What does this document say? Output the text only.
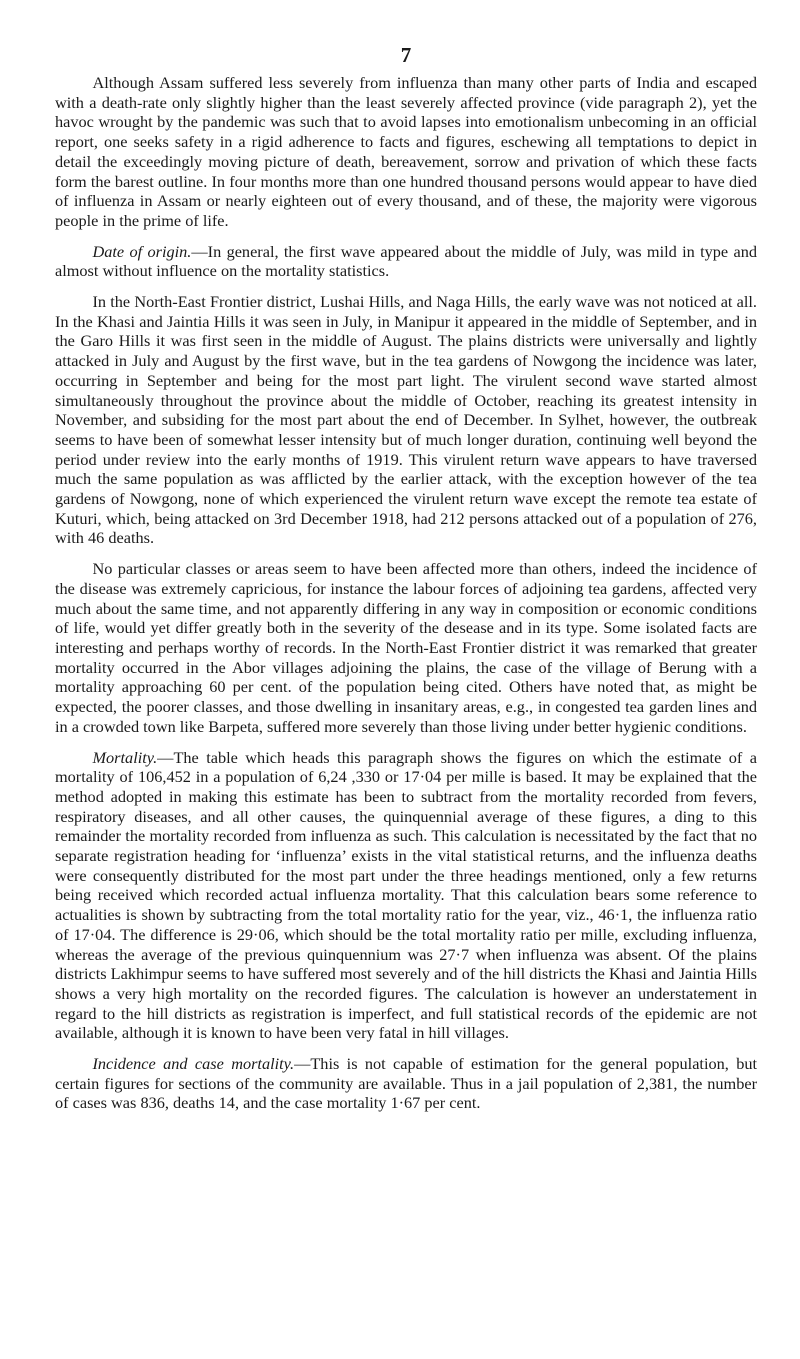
7

Although Assam suffered less severely from influenza than many other parts of India and escaped with a death-rate only slightly higher than the least severely affected province (vide paragraph 2), yet the havoc wrought by the pandemic was such that to avoid lapses into emotionalism unbecoming in an official report, one seeks safety in a rigid adherence to facts and figures, eschewing all temptations to depict in detail the exceedingly moving picture of death, bereavement, sorrow and privation of which these facts form the barest outline. In four months more than one hundred thousand persons would appear to have died of influenza in Assam or nearly eighteen out of every thousand, and of these, the majority were vigorous people in the prime of life.

Date of origin.—In general, the first wave appeared about the middle of July, was mild in type and almost without influence on the mortality statistics.

In the North-East Frontier district, Lushai Hills, and Naga Hills, the early wave was not noticed at all. In the Khasi and Jaintia Hills it was seen in July, in Manipur it appeared in the middle of September, and in the Garo Hills it was first seen in the middle of August. The plains districts were universally and lightly attacked in July and August by the first wave, but in the tea gardens of Nowgong the incidence was later, occurring in September and being for the most part light. The virulent second wave started almost simultaneously throughout the province about the middle of October, reaching its greatest intensity in November, and subsiding for the most part about the end of December. In Sylhet, however, the outbreak seems to have been of somewhat lesser intensity but of much longer duration, continuing well beyond the period under review into the early months of 1919. This virulent return wave appears to have traversed much the same population as was afflicted by the earlier attack, with the exception however of the tea gardens of Nowgong, none of which experienced the virulent return wave except the remote tea estate of Kuturi, which, being attacked on 3rd December 1918, had 212 persons attacked out of a population of 276, with 46 deaths.

No particular classes or areas seem to have been affected more than others, indeed the incidence of the disease was extremely capricious, for instance the labour forces of adjoining tea gardens, affected very much about the same time, and not apparently differing in any way in composition or economic conditions of life, would yet differ greatly both in the severity of the desease and in its type. Some isolated facts are interesting and perhaps worthy of records. In the North-East Frontier district it was remarked that greater mortality occurred in the Abor villages adjoining the plains, the case of the village of Berung with a mortality approaching 60 per cent. of the population being cited. Others have noted that, as might be expected, the poorer classes, and those dwelling in insanitary areas, e.g., in congested tea garden lines and in a crowded town like Barpeta, suffered more severely than those living under better hygienic conditions.

Mortality.—The table which heads this paragraph shows the figures on which the estimate of a mortality of 106,452 in a population of 6,24 ,330 or 17·04 per mille is based. It may be explained that the method adopted in making this estimate has been to subtract from the mortality recorded from fevers, respiratory diseases, and all other causes, the quinquennial average of these figures, a ding to this remainder the mortality recorded from influenza as such. This calculation is necessitated by the fact that no separate registration heading for ‘influenza’ exists in the vital statistical returns, and the influenza deaths were consequently distributed for the most part under the three headings mentioned, only a few returns being received which recorded actual influenza mortality. That this calculation bears some reference to actualities is shown by subtracting from the total mortality ratio for the year, viz., 46·1, the influenza ratio of 17·04. The difference is 29·06, which should be the total mortality ratio per mille, excluding influenza, whereas the average of the previous quinquennium was 27·7 when influenza was absent. Of the plains districts Lakhimpur seems to have suffered most severely and of the hill districts the Khasi and Jaintia Hills shows a very high mortality on the recorded figures. The calculation is however an understatement in regard to the hill districts as registration is imperfect, and full statistical records of the epidemic are not available, although it is known to have been very fatal in hill villages.

Incidence and case mortality.—This is not capable of estimation for the general population, but certain figures for sections of the community are available. Thus in a jail population of 2,381, the number of cases was 836, deaths 14, and the case mortality 1·67 per cent.
